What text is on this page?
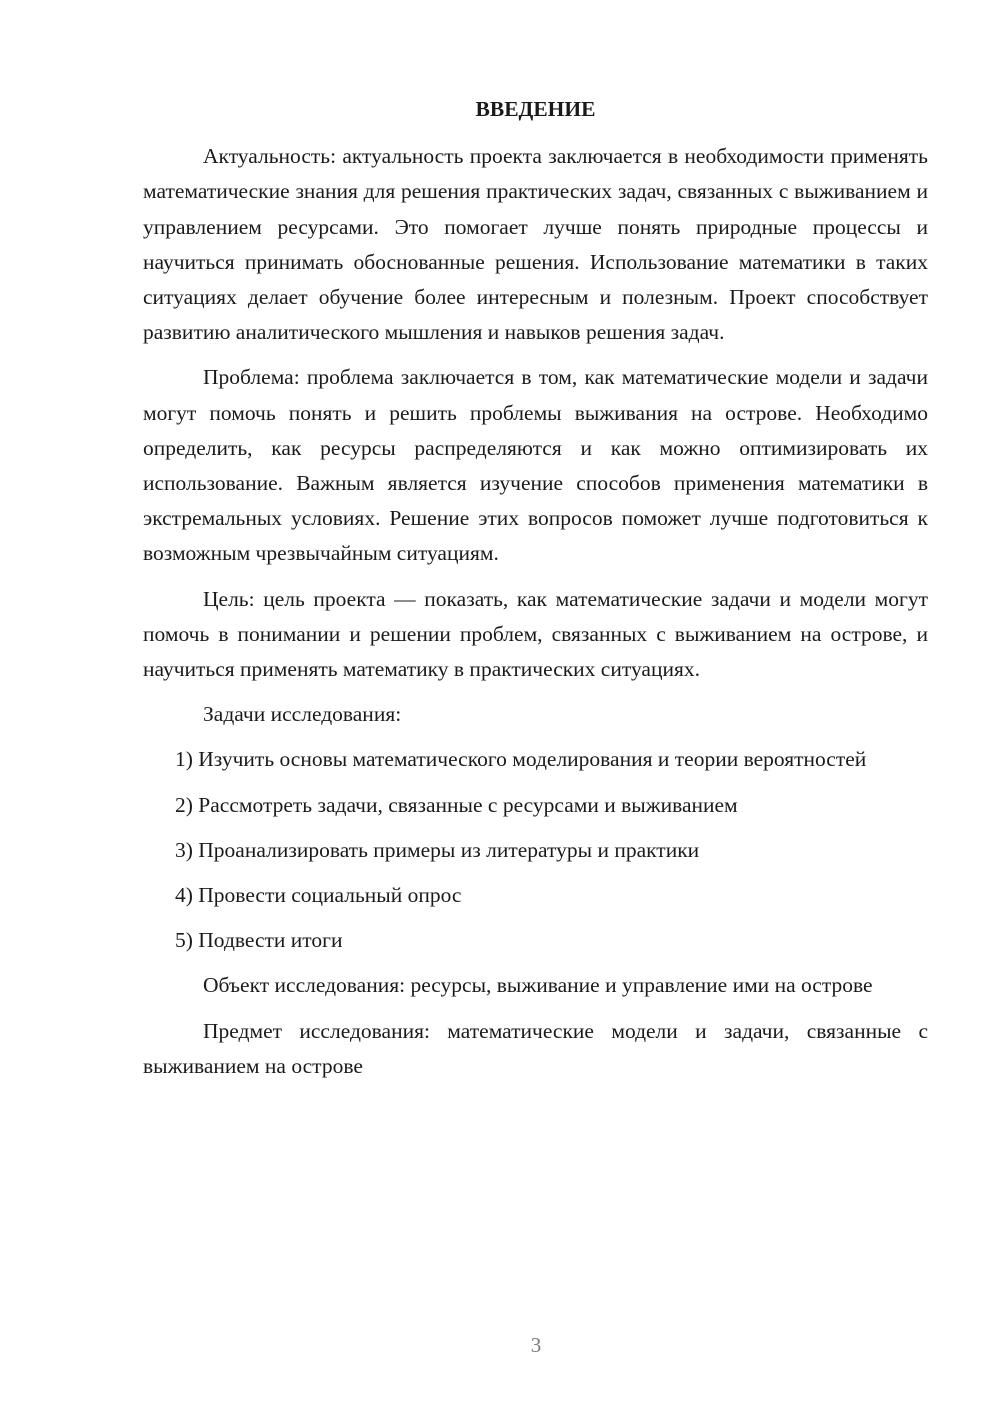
ВВЕДЕНИЕ

Актуальность: актуальность проекта заключается в необходимости применять математические знания для решения практических задач, связанных с выживанием и управлением ресурсами. Это помогает лучше понять природные процессы и научиться принимать обоснованные решения. Использование математики в таких ситуациях делает обучение более интересным и полезным. Проект способствует развитию аналитического мышления и навыков решения задач.

Проблема: проблема заключается в том, как математические модели и задачи могут помочь понять и решить проблемы выживания на острове. Необходимо определить, как ресурсы распределяются и как можно оптимизировать их использование. Важным является изучение способов применения математики в экстремальных условиях. Решение этих вопросов поможет лучше подготовиться к возможным чрезвычайным ситуациям.

Цель: цель проекта — показать, как математические задачи и модели могут помочь в понимании и решении проблем, связанных с выживанием на острове, и научиться применять математику в практических ситуациях.

Задачи исследования:

1) Изучить основы математического моделирования и теории вероятностей

2) Рассмотреть задачи, связанные с ресурсами и выживанием

3) Проанализировать примеры из литературы и практики

4) Провести социальный опрос

5) Подвести итоги

Объект исследования: ресурсы, выживание и управление ими на острове

Предмет исследования: математические модели и задачи, связанные с выживанием на острове

3
